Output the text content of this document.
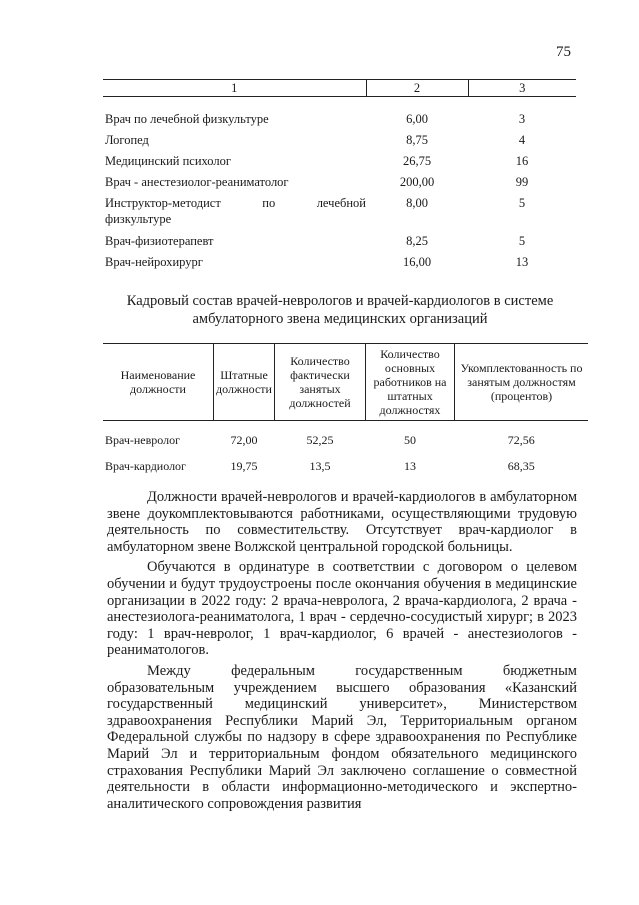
75
1	2	3

Врач по лечебной физкультуре	6,00	3
Логопед	8,75	4
Медицинский психолог	26,75	16
Врач - анестезиолог-реаниматолог	200,00	99

Инструктор-методист по лечебной
физкультуре	8,00	5
Врач-физиотерапевт	8,25	5
Врач-нейрохирург	16,00	13
Кадровый состав врачей-неврологов и врачей-кардиологов в системе
амбулаторного звена медицинских организаций
Наименование должности	Штатные должности	Количество фактически занятых должностей	Количество основных работников на штатных должностях	Укомплектованность по занятым должностям (процентов)
Врач-невролог	72,00	52,25	50	72,56
Врач-кардиолог	19,75	13,5	13	68,35

Должности врачей-неврологов и врачей-кардиологов в амбулаторном звене доукомплектовываются работниками, осуществляющими трудовую деятельность по совместительству. Отсутствует врач-кардиолог в амбулаторном звене Волжской центральной городской больницы.

Обучаются в ординатуре в соответствии с договором о целевом обучении и будут трудоустроены после окончания обучения в медицинские организации в 2022 году: 2 врача-невролога, 2 врача-кардиолога, 2 врача - анестезиолога-реаниматолога, 1 врач - сердечно-сосудистый хирург; в 2023 году: 1 врач-невролог, 1 врач-кардиолог, 6 врачей - анестезиологов - реаниматологов.

Между федеральным государственным бюджетным образовательным учреждением высшего образования «Казанский государственный медицинский университет», Министерством здравоохранения Республики Марий Эл, Территориальным органом Федеральной службы по надзору в сфере здравоохранения по Республике Марий Эл и территориальным фондом обязательного медицинского страхования Республики Марий Эл заключено соглашение о совместной деятельности в области информационно-методического и экспертно-аналитического сопровождения развития
